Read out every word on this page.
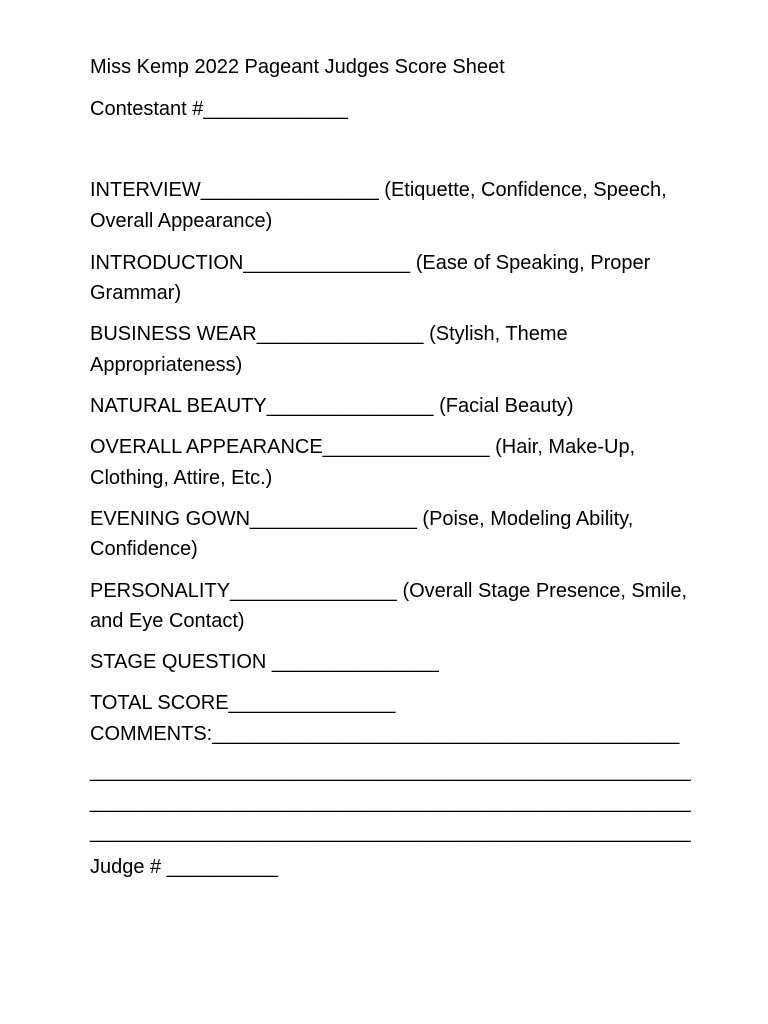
Miss Kemp 2022 Pageant Judges Score Sheet
Contestant #_____________
INTERVIEW________________ (Etiquette, Confidence, Speech,
Overall Appearance)
INTRODUCTION_______________ (Ease of Speaking, Proper
Grammar)
BUSINESS WEAR_______________ (Stylish, Theme
Appropriateness)
NATURAL BEAUTY_______________ (Facial Beauty)
OVERALL APPEARANCE_______________ (Hair, Make-Up,
Clothing, Attire, Etc.)
EVENING GOWN_______________ (Poise, Modeling Ability,
Confidence)
PERSONALITY_______________ (Overall Stage Presence, Smile,
and Eye Contact)
STAGE QUESTION _______________
TOTAL SCORE_______________
COMMENTS:__________________________________________
______________________________________________________
______________________________________________________
______________________________________________________
Judge # __________
